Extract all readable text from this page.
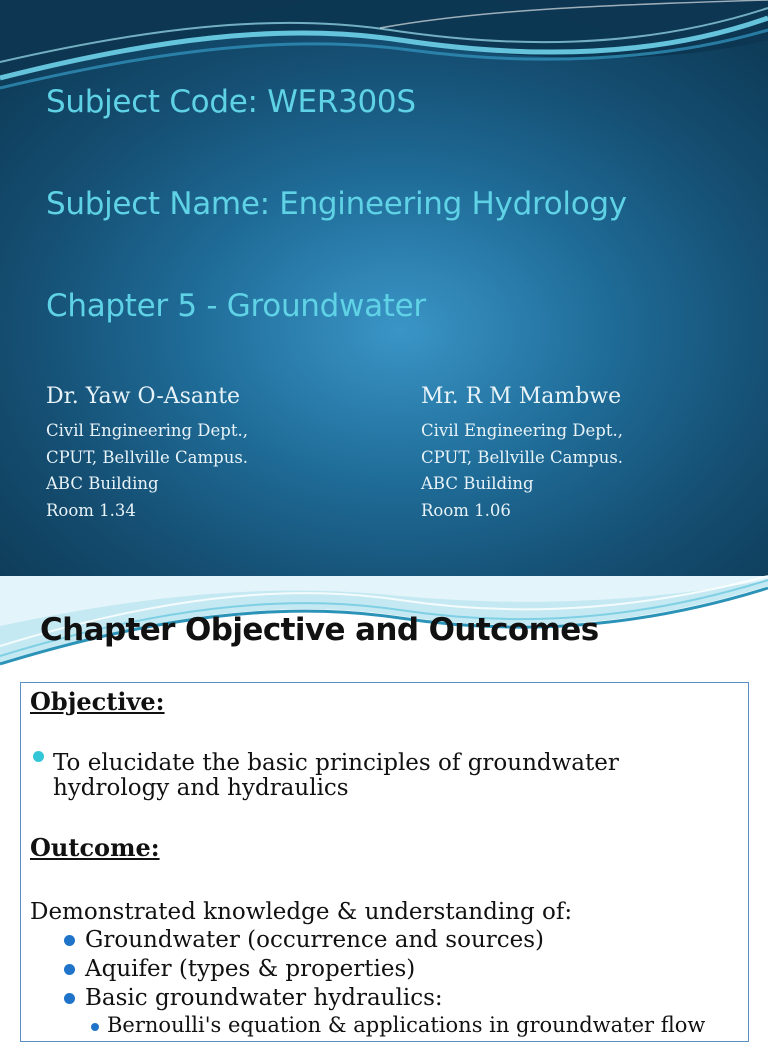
Subject Code: WER300S
Subject Name: Engineering Hydrology
Chapter 5 - Groundwater
Dr. Yaw O-Asante
Civil Engineering Dept.,
CPUT, Bellville Campus.
ABC Building
Room 1.34
Mr. R M Mambwe
Civil Engineering Dept.,
CPUT, Bellville Campus.
ABC Building
Room 1.06
Chapter Objective and Outcomes
Objective:
To elucidate the basic principles of groundwater
hydrology and hydraulics
Outcome:
Demonstrated knowledge & understanding of:
Groundwater (occurrence and sources)
Aquifer (types & properties)
Basic groundwater hydraulics:
Bernoulli's equation & applications in groundwater flow
